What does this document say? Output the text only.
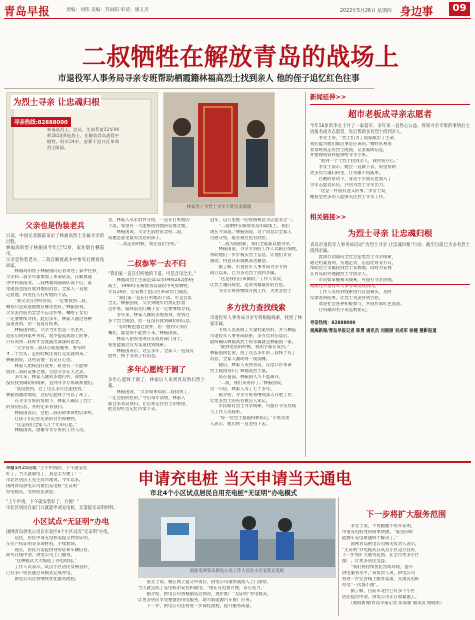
青岛早报	责编：刘伟 美编：苏雨阳 审读：康玉杰	2022年5月26日 星期四 身边事	09
二叔牺牲在解放青岛的战场上
市退役军人事务局寻亲专班帮助栖霞籍林福高烈士找到亲人 他的侄子追忆红色往事
为烈士寻亲 让忠魂归根
寻亲热线:82888000
林福高烈士，党员，生前系第32军94师282团9连战士，在解放青岛战役中牺牲，时年24岁，安葬于沧口区革命烈士陵园。
林家侄子为烈士寻亲专班送来锦旗
父亲也是伪装老兵
日前，中国记者跟踪采访了林福高烈士亲属寻亲的过程。
林福高的侄子林振国今年已72岁，家住烟台栖霞市。
父亲是伪装老兵，二叔在解放战争中参军后便再没回家。
　　林福高的侄子林振国向记者讲述了家中往事，
父亲和二叔早年都参加了革命队伍，在解放战
争中转战南北。二叔林福高随部队南下后，家
里就再也没有收到他的消息，全家人一直惦
记着他，四处托人打听他的下落。
　　“我父亲在世时常说，一定要找到二叔，
哪怕只是知道他埋在哪里也好。”林振国说，
父亲去世前仍念念不忘这件事，嘱咐子女们
一定要继续寻找。此后多年，林家人通过各种
渠道查询，但一直没有结果。
　　林振国回忆，父亲当年也是一名老兵，
退伍后回到家乡务农，很少提起战场上的事，
只有说到二叔时才会流露出深深的思念。
　　“父亲常说二叔从小就很懂事，参军时
才二十出头，走的时候还说打完仗就回来。”
林振国说，这些话他一直记在心里。
　　林家人始终没有放弃，希望有一天能够
找到二叔的安葬之地，告慰父亲在天之灵。
　　多年来，林家人辗转多地打听，却始终
没有找到确切的线索，直到寻亲专班联系他们。
　　“真没想到，过了这么多年还能找到。”
林振国激动地说，这份心愿终于可以了却了。
　　在寻亲专班的帮助下，林家人确认了烈士
的身份信息，并约定来青祭扫。
　　林振国表示，会把二叔的故事讲给后辈听。
　　让孩子们记住先辈的付出和牺牲。
　　“这是我们全家人几十年的心愿。”
　　林振国说，感谢寻亲专班的工作人员。
息，林家人从未放弃寻找，一直在打听他的
下落，希望有一天能够找到他的安葬之地。
　　林振国说，父亲生前经常念叨二叔，
说他是家里最有出息的孩子。
　　“二叔走的时候，我还没出生呢。”
二叔参军一去不归
“我们家一直在打听他的下落，可是音讯全无。”
　　林福高烈士生前是第32军94师282团9连
战士，1949年在解放青岛战役中英勇牺牲，
年仅24岁，后安葬于沧口区革命烈士陵园。
　　“我们家一直在打听他的下落，可是音讯
全无。”林振国说，父亲到晚年仍然记挂着
这件事，临终前还叮嘱子女一定要继续寻找。
　　多年来，林家人辗转多地查询，曾到过
多个烈士陵园，但一直没有找到确切的信息。
　　“有时候也想过放弃，但一想到父亲的
嘱托，就觉得不能停下来。”林振国说。
　　林家人把希望寄托在政府部门身上，
希望能通过官方渠道找到线索。
　　林振国表示，这么多年，全家人一直没有
放弃，终于等到了好消息。
多年心愿终于圆了
多年心愿终于圆了，林家后人来到青岛祭扫烈士墓。
　　林振国说，“父亲如果知道二叔找到了，
一定会很欣慰的。”今后每年清明，林家人
都会来青岛祭扫，让后辈记住烈士的事迹，
把这份红色记忆传承下去。
冠军，以万里挑一的资格被选为志愿者之一。
　　“二叔牺牲在解放青岛的战场上，我们
现在才知道。”林振国说，这个消息让全家人
百感交集，既有难过也有欣慰。
　　“二叔为国捐躯，我们全家都以他为荣。”
　　林振国说，寻亲专班的工作人员耐心细致，
帮助他们一步步核实烈士信息，让他们非常
感动，特意送来锦旗表达谢意。
　　据了解，市退役军人事务局寻亲专班
成立以来，已为多名烈士找到亲属。
　　“这是我们应该做的。”工作人员说，
让烈士魂归故里，是对英雄最好的告慰。
　　寻亲专班将继续开展工作，为更多烈士
多方找力查找线索
市退役军人事务局寻亲专班根据线索，找到了林家亲属。
　　专班人员查阅了大量档案资料，并与栖霞
市退役军人事务局联系，多方比对信息后，
最终确认林福高烈士的亲属就是林振国一家。
　　“接到电话的时候，我的手都在发抖。”
林振国回忆说，找了这么多年的二叔终于有了
消息，全家人激动得一夜没睡。
　　随后，林家人来到青岛，在沧口区革命
烈士陵园祭扫了林福高烈士墓。
　　站在墓前，林振国久久不愿离开。
　　“二叔，我们来看你了。”林振国说，
这一句话，林家人等了七十多年。
　　据介绍，寻亲专班将继续深入开展工作，
让更多烈士的英名被后人铭记。
　　市民如有烈士寻亲线索，可拨打寻亲热线
与工作人员联系。
　　“每一位烈士都值得被铭记。”专班负责
人表示，他们将一直坚持下去。
新闻延伸>>
超市老板成寻亲志愿者
今年56岁的李女士开了一家超市，多年来一直热心公益，得知寻亲专班的事情后主动报名成为志愿者，先后帮助多名烈士找到亲人。
　　李女士说，“烈士们为了国家献出了生命，
我们能为他们做点事是应该的。”她经常利用
业余时间走访烈士陵园，记录墓碑信息，
并整理成资料提供给寻亲专班。
　　“看到一个个烈士找到亲人，我特别开心。”
　　李女士表示，她会一直做下去，希望帮助
更多烈士魂归故里，让英雄不再孤单。
　　在她的带动下，身边不少朋友也加入了
寻亲志愿者队伍，共同为烈士寻亲出力。
　　“这是一件很有意义的事。”李女士说，
她希望更多的人能够关注烈士寻亲工作。
相关链接>>
为烈士寻亲 让忠魂归根
青岛市退役军人事务局启动“为烈士寻亲 让忠魂归根”行动，截至目前已为多名烈士找到亲属。
　　此项行动面向全社会征集烈士寻亲线索，
通过档案查询、实地走访、信息比对等方式，
帮助烈士亲属找到烈士安葬地，同时为安葬
在青岛的外地籍烈士寻找亲人。
　　市民如掌握相关线索，可拨打寻亲热线，
或前往市退役军人事务局反映情况。
　　工作人员将对线索进行认真核实，及时
反馈查询结果，让烈士英灵得到告慰。
　　欢迎社会各界积极参与，共同传承红色基因。
　　让英雄的名字永远被铭记。
寻亲热线：82888000
观海新闻/青岛早报记者 陈勇 通讯员 刘丽丽 刘成军 徐健 摄影报道
早报5月25日讯 “上午申请的，下午就安装
好了，当天就通电了，真是太方便了！”
市北区居民王先生高兴地说。今年以来，
国网青岛供电公司推出充电桩“无证明”
办电模式，受到居民欢迎。
“上午申请，下午就安装好了，方便！”
市北区居民在家门口就能申请充电桩，无需提交证明材料。
小区试点“无证明”办电
国网青岛供电公司在市北区4个小区试点“无证明”办电。
　　以往，居民申请充电桩需提交物业证明、
车位产权证明等多项材料，手续繁琐。
　　现在，居民只需提供身份证和车辆信息，
即可在线申请，供电公司上门服务。
　　“这种模式大大缩短了办电时间。”
　　工作人员表示，试点小区居民反响良好，
已有多户居民通过该模式完成办电。
　　供电公司还将继续优化服务流程。
申请充电桩 当天申请当天通电
市北4个小区试点居民自用充电桩“无证明”办电模式
国家电网青岛供电公司工作人员在小区安装充电桩
　　张女士说，她在网上提交申请后，供电公司很快就派人上门勘察，
当天就完成了充电桩的安装和通电。“现在充电很方便，省心省力。”
　　据介绍，供电公司将根据试点情况，逐步推广“无证明”办电模式，
让更多居民享受便捷的用电服务，助力新能源汽车推广应用。
　　下一步，供电公司还将进一步简化流程，提升服务质量。
下一步将扩大服务范围
　　李女士说，不用跑腿不用开证明，
申请充电桩变得简单快捷。“家里的新
能源车充电难题终于解决了。”
　　国网青岛供电公司相关负责人表示，
“无证明”办电模式在试点小区运行良好，
下一步将扩大服务范围，在全市更多小区
推广，让更多居民受益。
　　“我们将持续优化营商环境，提升
供电服务水平。”该负责人说，供电公司
将进一步完善线上服务渠道，实现充电桩
办电“一次都不跑”。
　　据了解，目前市北区已有多个小区
居民提出申请，供电公司正在加紧施工。
　　（观海新闻/青岛早报记者 张家骏 通讯员 杨晓彤）
